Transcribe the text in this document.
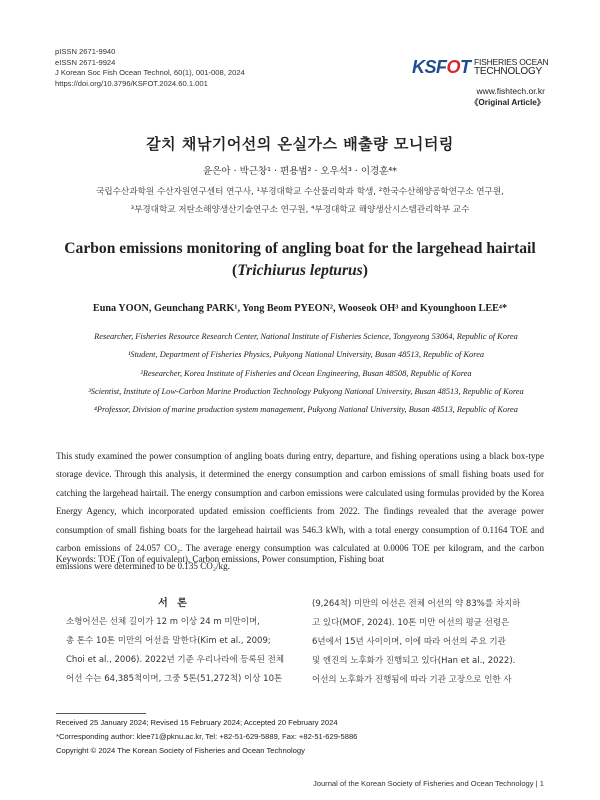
pISSN 2671-9940
eISSN 2671-9924
J Korean Soc Fish Ocean Technol, 60(1), 001-008, 2024
https://doi.org/10.3796/KSFOT.2024.60.1.001
KSFOT FISHERIES OCEAN
TECHNOLOGY
www.fishtech.or.kr
《Original Article》
갈치 채낚기어선의 온실가스 배출량 모니터링
윤은아 · 박근창¹ · 편용범² · 오우석³ · 이경훈⁴*
국립수산과학원 수산자원연구센터 연구사, ¹부경대학교 수산물리학과 학생, ²한국수산해양공학연구소 연구원,
³부경대학교 저탄소해양생산기술연구소 연구원, ⁴부경대학교 해양생산시스템관리학부 교수
Carbon emissions monitoring of angling boat for the largehead hairtail
(Trichiurus lepturus)
Euna YOON, Geunchang PARK¹, Yong Beom PYEON², Wooseok OH³ and Kyounghoon LEE⁴*
Researcher, Fisheries Resource Research Center, National Institute of Fisheries Science, Tongyeong 53064, Republic of Korea
¹Student, Department of Fisheries Physics, Pukyong National University, Busan 48513, Republic of Korea
²Researcher, Korea Institute of Fisheries and Ocean Engineering, Busan 48508, Republic of Korea
³Scientist, Institute of Low-Carbon Marine Production Technology Pukyong National University, Busan 48513, Republic of Korea
⁴Professor, Division of marine production system management, Pukyong National University, Busan 48513, Republic of Korea
This study examined the power consumption of angling boats during entry, departure, and fishing operations using a black box-type storage device. Through this analysis, it determined the energy consumption and carbon emissions of small fishing boats used for catching the largehead hairtail. The energy consumption and carbon emissions were calculated using formulas provided by the Korea Energy Agency, which incorporated updated emission coefficients from 2022. The findings revealed that the average power consumption of small fishing boats for the largehead hairtail was 546.3 kWh, with a total energy consumption of 0.1164 TOE and carbon emissions of 24.057 CO₂. The average energy consumption was calculated at 0.0006 TOE per kilogram, and the carbon emissions were determined to be 0.135 CO₂/kg.
Keywords: TOE (Ton of equivalent), Carbon emissions, Power consumption, Fishing boat
서 론
소형어선은 선체 길이가 12 m 이상 24 m 미만이며,
총 톤수 10톤 미만의 어선을 말한다(Kim et al., 2009;
Choi et al., 2006). 2022년 기준 우리나라에 등록된 전체
어선 수는 64,385척이며, 그중 5톤(51,272척) 이상 10톤
(9,264척) 미만의 어선은 전체 어선의 약 83%를 차지하
고 있다(MOF, 2024). 10톤 미만 어선의 평균 선령은
6년에서 15년 사이이며, 이에 따라 어선의 주요 기관
및 엔진의 노후화가 진행되고 있다(Han et al., 2022).
어선의 노후화가 진행됨에 따라 기관 고장으로 인한 사
Received 25 January 2024; Revised 15 February 2024; Accepted 20 February 2024
*Corresponding author: klee71@pknu.ac.kr, Tel: +82-51-629-5889, Fax: +82-51-629-5886
Copyright © 2024 The Korean Society of Fisheries and Ocean Technology
Journal of the Korean Society of Fisheries and Ocean Technology | 1
